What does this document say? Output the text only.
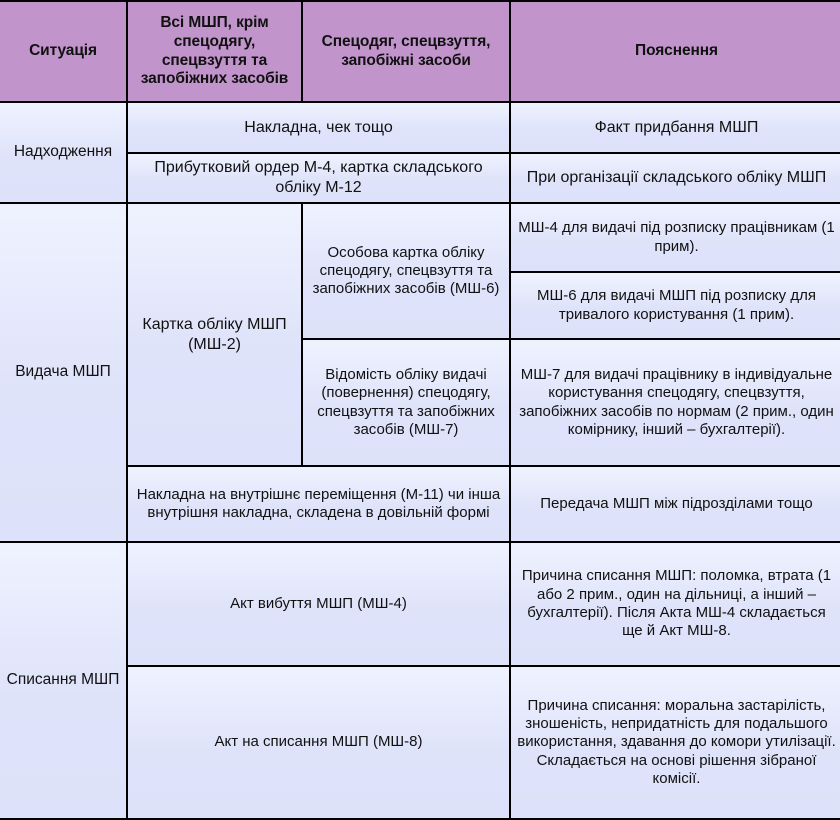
Ситуація	Всі МШП, крім спецодягу, спецвзуття та запобіжних засобів	Спецодяг, спецвзуття, запобіжні засоби	Пояснення
Надходження	Накладна, чек тощо		Факт придбання МШП
	Прибутковий ордер М-4, картка складського обліку М-12		При організації складського обліку МШП
Видача МШП	Картка обліку МШП (МШ-2)	Особова картка обліку спецодягу, спецвзуття та запобіжних засобів (МШ-6)	МШ-4 для видачі під розписку працівникам (1 прим).
			МШ-6 для видачі МШП під розписку для тривалого користування (1 прим).
		Відомість обліку видачі (повернення) спецодягу, спецвзуття та запобіжних засобів (МШ-7)	МШ-7 для видачі працівнику в індивідуальне користування спецодягу, спецвзуття, запобіжних засобів по нормам (2 прим., один комірнику, інший – бухгалтерії).
	Накладна на внутрішнє переміщення (М-11) чи інша внутрішня накладна, складена в довільній формі		Передача МШП між підрозділами тощо
Списання МШП	Акт вибуття МШП (МШ-4)		Причина списання МШП: поломка, втрата (1 або 2 прим., один на дільниці, а інший – бухгалтерії). Після Акта МШ-4 складається ще й Акт МШ-8.
	Акт на списання МШП (МШ-8)		Причина списання: моральна застарілість, зношеність, непридатність для подальшого використання, здавання до комори утилізації. Складається на основі рішення зібраної комісії.
